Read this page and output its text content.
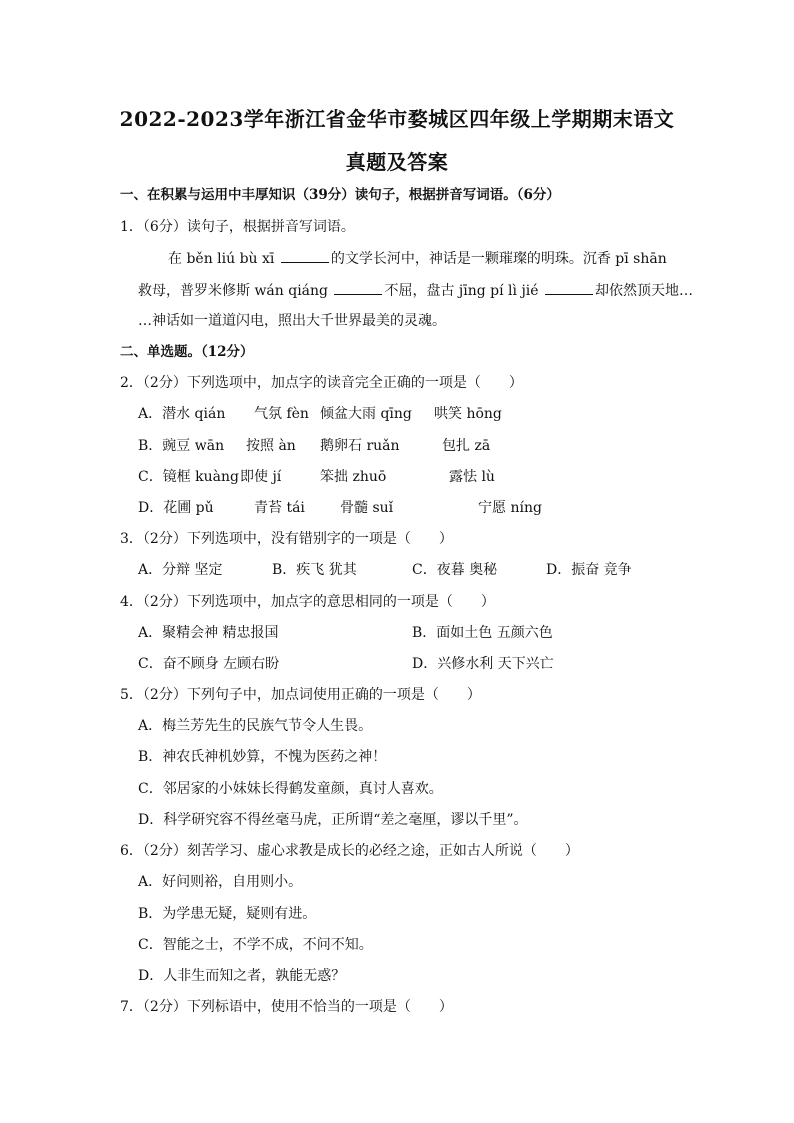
2022-2023学年浙江省金华市婺城区四年级上学期期末语文
真题及答案
一、在积累与运用中丰厚知识（39分）读句子，根据拼音写词语。（6分）
1．（6分）读句子，根据拼音写词语。
在 běn liú bù xī	的文学长河中，神话是一颗璀璨的明珠。沉香 pī shān
救母，普罗米修斯 wán qiáng	不屈，盘古 jīng pí lì jié	却依然顶天地…
…神话如一道道闪电，照出大千世界最美的灵魂。
二、单选题。（12分）
2．（2分）下列选项中，加点字的读音完全正确的一项是（　　）
A．潜水 qián 气氛 fèn 倾盆大雨 qīng 哄笑 hōng
B．豌豆 wān 按照 àn 鹅卵石 ruǎn	包扎 zā
C．镜框 kuàng 即使 jí	笨拙 zhuō	露怯 lù
D．花圃 pǔ	青苔 tái	骨髓 suǐ	宁愿 níng
3．（2分）下列选项中，没有错别字的一项是（　　）
A．分辩 坚定	B．疾飞 犹其	C．夜暮 奥秘	D．振奋 竞争
4．（2分）下列选项中，加点字的意思相同的一项是（　　）
A．聚精会神 精忠报国	B．面如土色 五颜六色
C．奋不顾身 左顾右盼	D．兴修水利 天下兴亡
5．（2分）下列句子中，加点词使用正确的一项是（　　）
A．梅兰芳先生的民族气节令人生畏。
B．神农氏神机妙算，不愧为医药之神！
C．邻居家的小妹妹长得鹤发童颜，真讨人喜欢。
D．科学研究容不得丝毫马虎，正所谓“差之毫厘，谬以千里”。
6．（2分）刻苦学习、虚心求教是成长的必经之途，正如古人所说（　　）
A．好问则裕，自用则小。
B．为学患无疑，疑则有进。
C．智能之士，不学不成，不问不知。
D．人非生而知之者，孰能无惑？
7．（2分）下列标语中，使用不恰当的一项是（　　）
